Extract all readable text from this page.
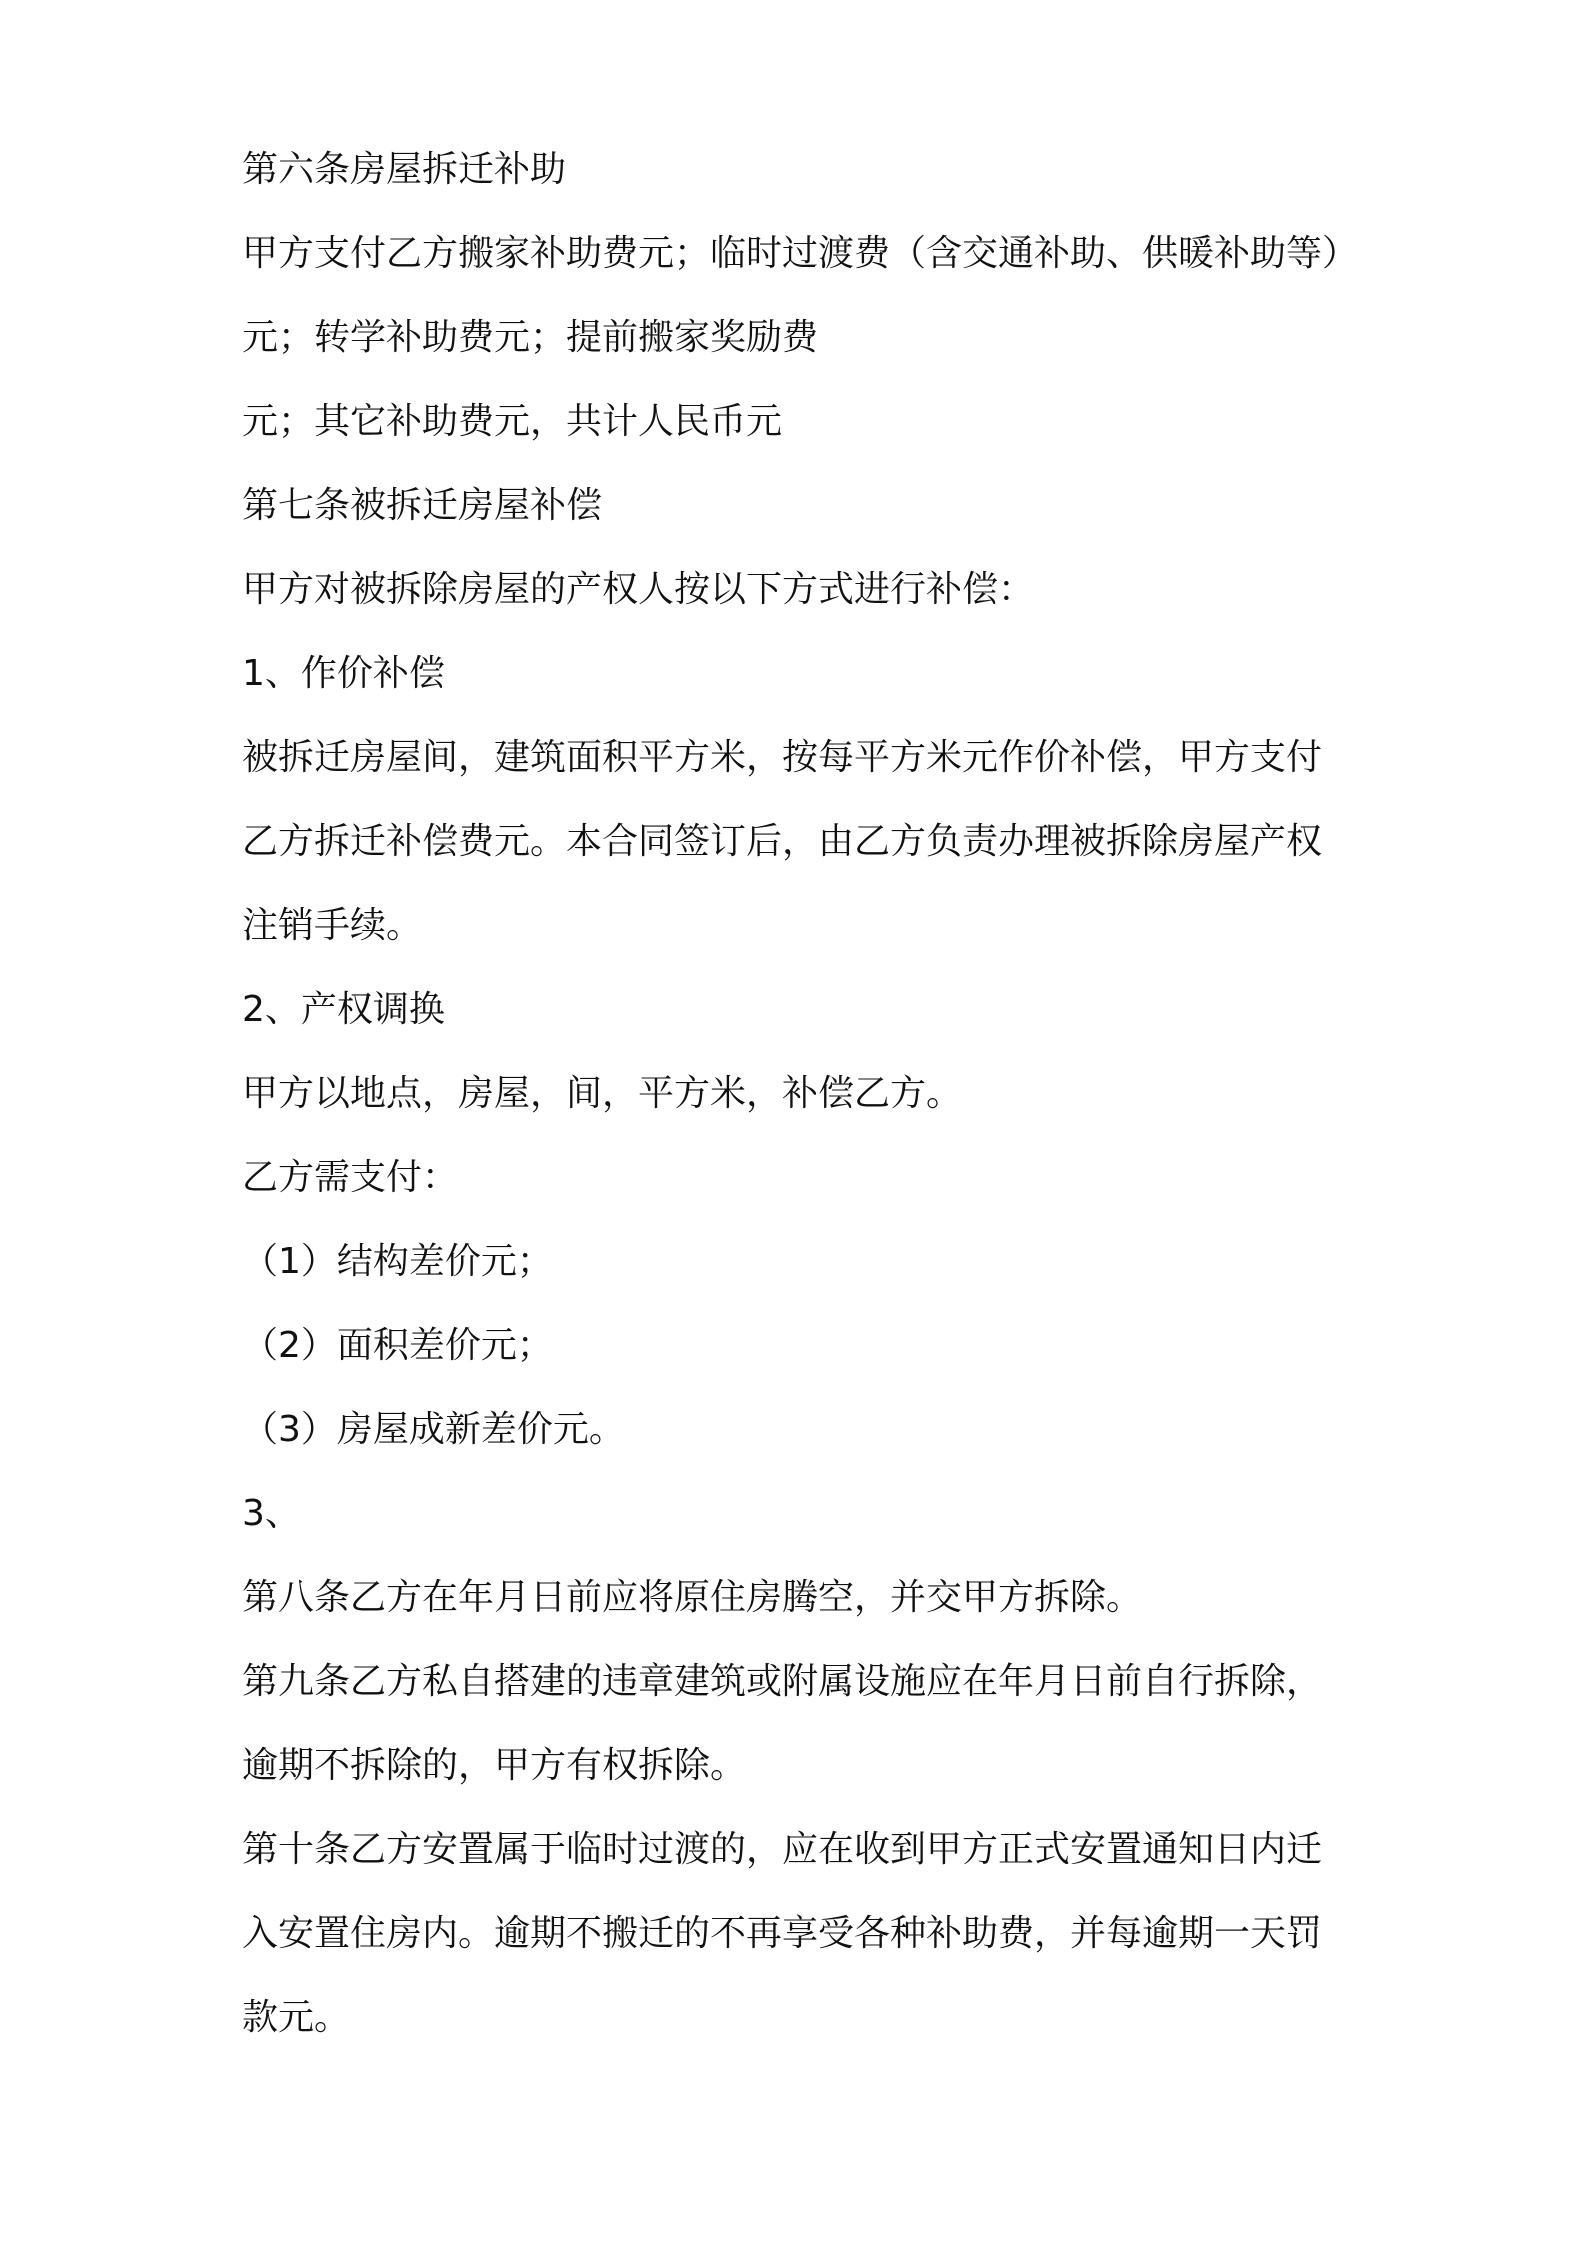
第六条房屋拆迁补助
甲方支付乙方搬家补助费元；临时过渡费（含交通补助、供暖补助等）
元；转学补助费元；提前搬家奖励费
元；其它补助费元，共计人民币元
第七条被拆迁房屋补偿
甲方对被拆除房屋的产权人按以下方式进行补偿：
1、作价补偿
被拆迁房屋间，建筑面积平方米，按每平方米元作价补偿，甲方支付
乙方拆迁补偿费元。本合同签订后，由乙方负责办理被拆除房屋产权
注销手续。
2、产权调换
甲方以地点，房屋，间，平方米，补偿乙方。
乙方需支付：
（1）结构差价元；
（2）面积差价元；
（3）房屋成新差价元。
3、
第八条乙方在年月日前应将原住房腾空，并交甲方拆除。
第九条乙方私自搭建的违章建筑或附属设施应在年月日前自行拆除，
逾期不拆除的，甲方有权拆除。
第十条乙方安置属于临时过渡的，应在收到甲方正式安置通知日内迁
入安置住房内。逾期不搬迁的不再享受各种补助费，并每逾期一天罚
款元。
